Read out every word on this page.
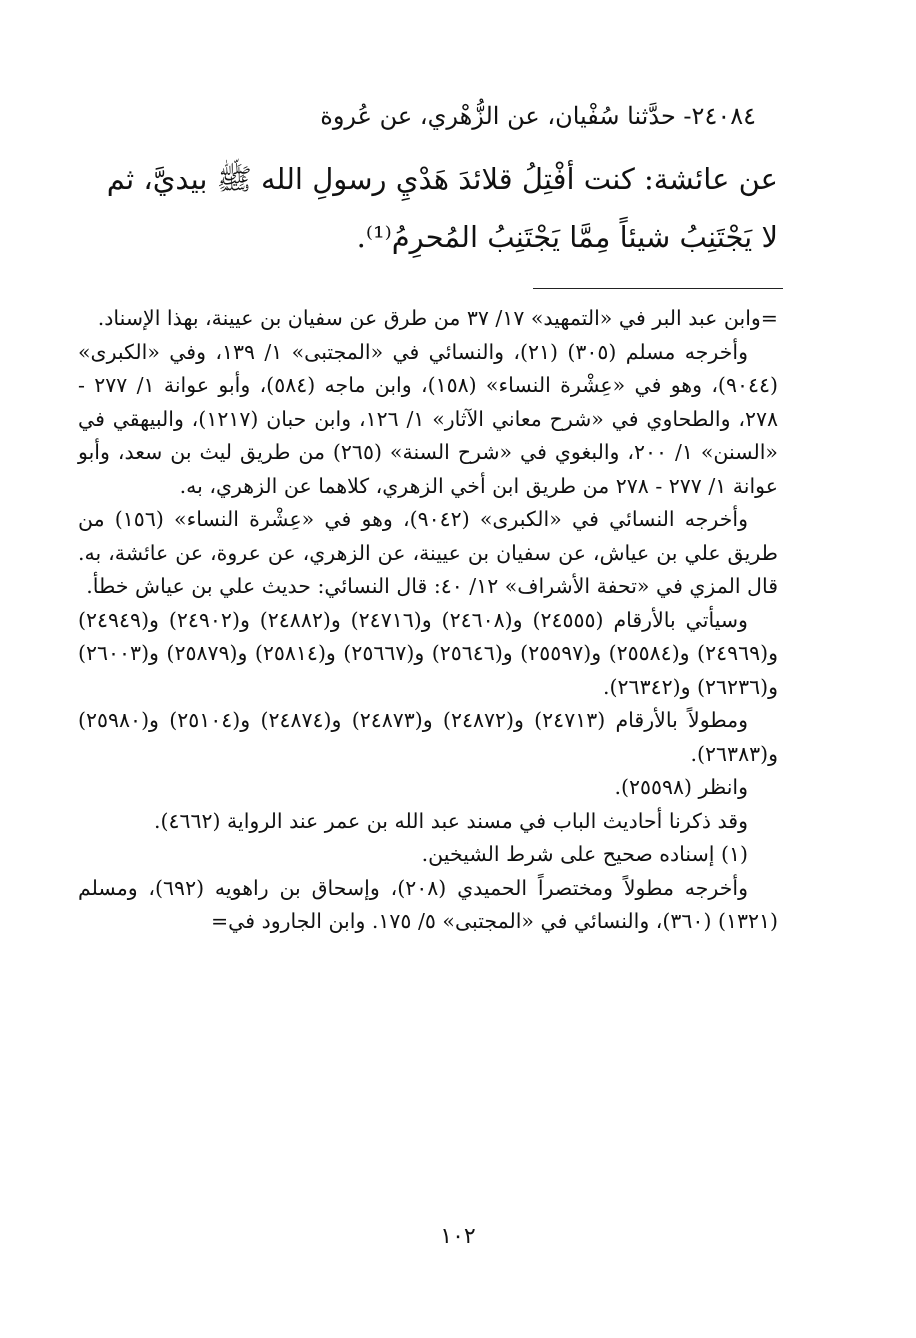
٢٤٠٨٤- حدَّثنا سُفْيان، عن الزُّهْري، عن عُروة
عن عائشة: كنت أفْتِلُ قلائدَ هَدْيِ رسولِ الله ﷺ بيديَّ، ثم
لا يَجْتَنِبُ شيئاً مِمَّا يَجْتَنِبُ المُحرِمُ⁽¹⁾.

=وابن عبد البر في «التمهيد» ١٧/ ٣٧ من طرق عن سفيان بن عيينة، بهذا الإسناد.

وأخرجه مسلم (٣٠٥) (٢١)، والنسائي في «المجتبى» ١/ ١٣٩، وفي «الكبرى» (٩٠٤٤)، وهو في «عِشْرة النساء» (١٥٨)، وابن ماجه (٥٨٤)، وأبو عوانة ١/ ٢٧٧ - ٢٧٨، والطحاوي في «شرح معاني الآثار» ١/ ١٢٦، وابن حبان (١٢١٧)، والبيهقي في «السنن» ١/ ٢٠٠، والبغوي في «شرح السنة» (٢٦٥) من طريق ليث بن سعد، وأبو عوانة ١/ ٢٧٧ - ٢٧٨ من طريق ابن أخي الزهري، كلاهما عن الزهري، به.

وأخرجه النسائي في «الكبرى» (٩٠٤٢)، وهو في «عِشْرة النساء» (١٥٦) من طريق علي بن عياش، عن سفيان بن عيينة، عن الزهري، عن عروة، عن عائشة، به. قال المزي في «تحفة الأشراف» ١٢/ ٤٠: قال النسائي: حديث علي بن عياش خطأ.

وسيأتي بالأرقام (٢٤٥٥٥) و(٢٤٦٠٨) و(٢٤٧١٦) و(٢٤٨٨٢) و(٢٤٩٠٢) و(٢٤٩٤٩) و(٢٤٩٦٩) و(٢٥٥٨٤) و(٢٥٥٩٧) و(٢٥٦٤٦) و(٢٥٦٦٧) و(٢٥٨١٤) و(٢٥٨٧٩) و(٢٦٠٠٣) و(٢٦٢٣٦) و(٢٦٣٤٢).

ومطولاً بالأرقام (٢٤٧١٣) و(٢٤٨٧٢) و(٢٤٨٧٣) و(٢٤٨٧٤) و(٢٥١٠٤) و(٢٥٩٨٠) و(٢٦٣٨٣).

وانظر (٢٥٥٩٨).

وقد ذكرنا أحاديث الباب في مسند عبد الله بن عمر عند الرواية (٤٦٦٢).

(١) إسناده صحيح على شرط الشيخين.

وأخرجه مطولاً ومختصراً الحميدي (٢٠٨)، وإسحاق بن راهويه (٦٩٢)، ومسلم (١٣٢١) (٣٦٠)، والنسائي في «المجتبى» ٥/ ١٧٥. وابن الجارود في=

١٠٢
